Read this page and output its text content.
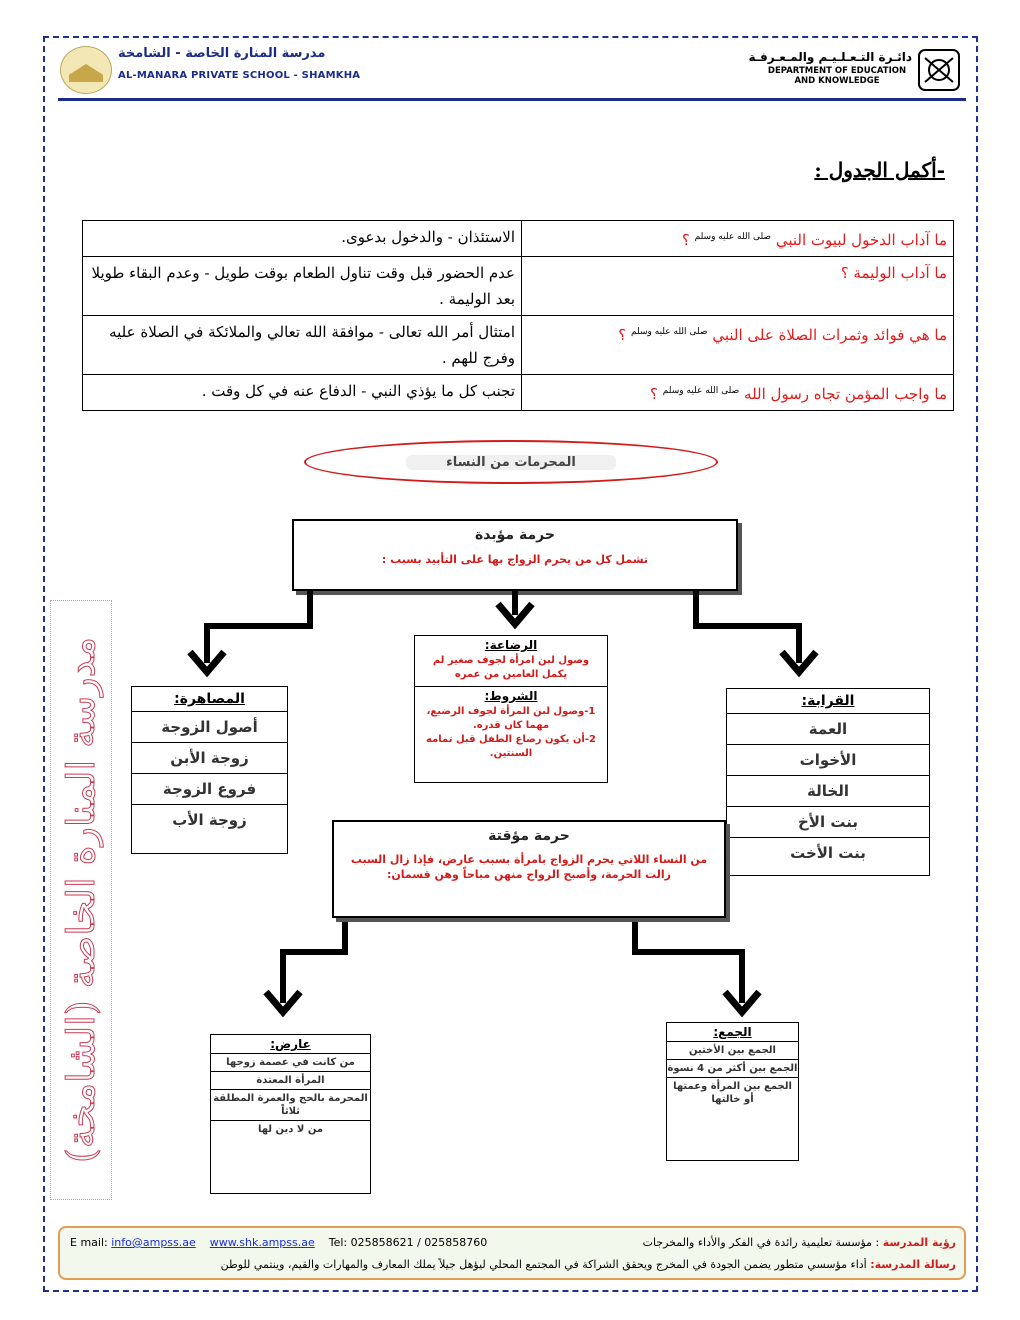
مدرسة المنارة الخاصة - الشامخة
AL-MANARA PRIVATE SCHOOL - SHAMKHA
دائـرة التـعـلـيـم والمـعـرفـة
DEPARTMENT OF EDUCATION AND KNOWLEDGE
-أكمل الجدول :
ما آداب الدخول لبيوت النبي $^{صلى الله عليه وسلم}$ ؟	الاستئذان - والدخول بدعوى.
ما آداب الوليمة ؟	عدم الحضور قبل وقت تناول الطعام بوقت طويل - وعدم البقاء طويلا بعد الوليمة .
ما هي فوائد وثمرات الصلاة على النبي $^{صلى الله عليه وسلم}$ ؟	امتثال أمر الله تعالى - موافقة الله تعالي والملائكة في الصلاة عليه وفرج للهم .
ما واجب المؤمن تجاه رسول الله $^{صلى الله عليه وسلم}$ ؟	تجنب كل ما يؤذي النبي - الدفاع عنه في كل وقت .
المحرمات من النساء
حرمة مؤبدة
تشمل كل من يحرم الزواج بها على التأبيد بسبب :
المصاهرة:
أصول الزوجة
زوجة الأبن
فروع الزوجة
زوجة الأب
الرضاعة:
وصول لبن امرأة لجوف صغير لم يكمل العامين من عمره
الشروط:
1-وصول لبن المرأة لجوف الرضيع، مهما كان قدره.
2-أن يكون رضاع الطفل قبل تمامه السنتين.
القرابة:
العمة
الأخوات
الخالة
بنت الأخ
بنت الأخت
حرمة مؤقتة
من النساء اللاتي يحرم الزواج بامرأة بسبب عارض، فإذا زال السبب زالت الحرمة، وأصبح الزواج منهن مباحاً وهن قسمان:
عارض:
من كانت في عصمة زوجها
المرأة المعتدة
المحرمة بالحج والعمرة المطلقة ثلاثاً
من لا دين لها
الجمع:
الجمع بين الأختين
الجمع بين أكثر من 4 نسوة
الجمع بين المرأة وعمتها أو خالتها
مدرسة المنارة الخاصة (الشامخة)
E mail: info@ampss.ae www.shk.ampss.ae Tel: 025858621 / 025858760	رؤية المدرسة : مؤسسة تعليمية رائدة في الفكر والأداء والمخرجات
رسالة المدرسة: أداء مؤسسي متطور يضمن الجودة في المخرج ويحقق الشراكة في المجتمع المحلي ليؤهل جيلاً يملك المعارف والمهارات والقيم، وينتمي للوطن
